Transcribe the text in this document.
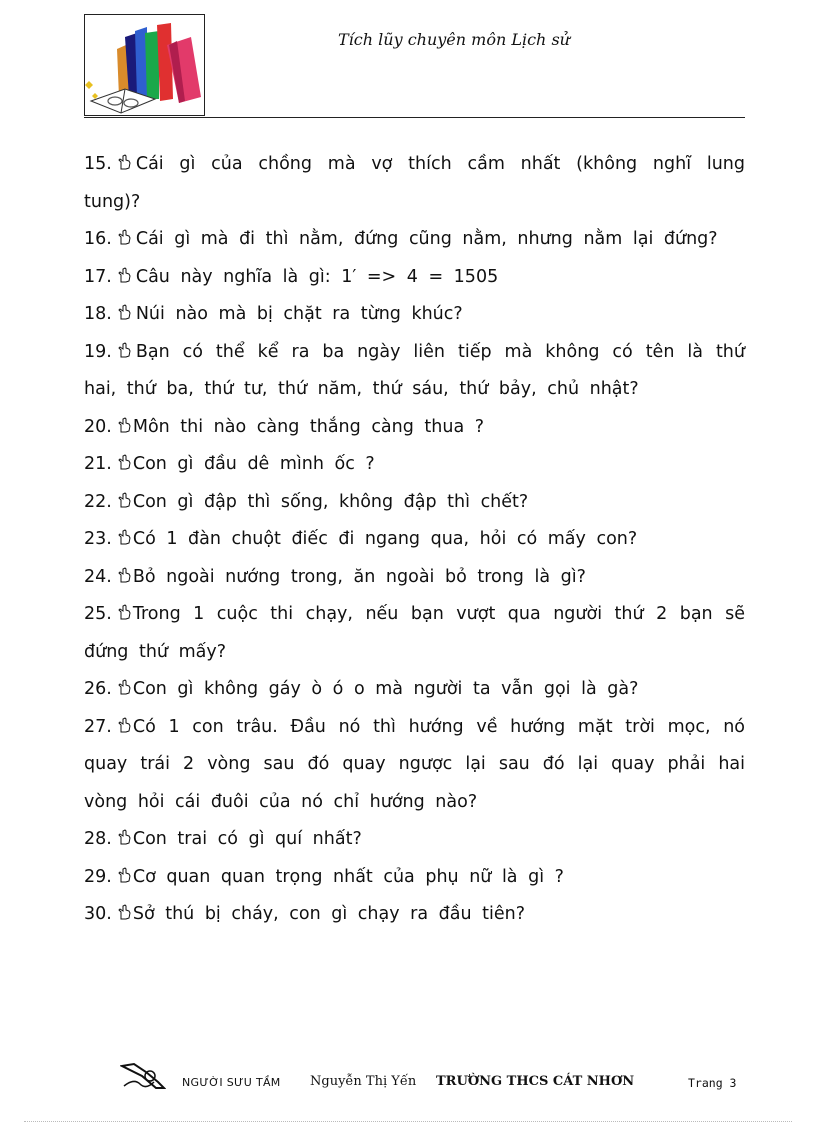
Tích lũy chuyên môn Lịch sử
15. Cái gì của chồng mà vợ thích cầm nhất (không nghĩ lung tung)?
16. Cái gì mà đi thì nằm, đứng cũng nằm, nhưng nằm lại đứng?
17. Câu này nghĩa là gì: 1′ => 4 = 1505
18. Núi nào mà bị chặt ra từng khúc?
19. Bạn có thể kể ra ba ngày liên tiếp mà không có tên là thứ hai, thứ ba, thứ tư, thứ năm, thứ sáu, thứ bảy, chủ nhật?
20. Môn thi nào càng thắng càng thua ?
21. Con gì đầu dê mình ốc ?
22. Con gì đập thì sống, không đập thì chết?
23. Có 1 đàn chuột điếc đi ngang qua, hỏi có mấy con?
24. Bỏ ngoài nướng trong, ăn ngoài bỏ trong là gì?
25. Trong 1 cuộc thi chạy, nếu bạn vượt qua người thứ 2 bạn sẽ đứng thứ mấy?
26. Con gì không gáy ò ó o mà người ta vẫn gọi là gà?
27. Có 1 con trâu. Đầu nó thì hướng về hướng mặt trời mọc, nó quay trái 2 vòng sau đó quay ngược lại sau đó lại quay phải hai vòng hỏi cái đuôi của nó chỉ hướng nào?
28. Con trai có gì quí nhất?
29. Cơ quan quan trọng nhất của phụ nữ là gì ?
30. Sở thú bị cháy, con gì chạy ra đầu tiên?
NGƯỜI SƯU TẦM Nguyễn Thị Yến TRƯỜNG THCS CÁT NHƠN	Trang 3
